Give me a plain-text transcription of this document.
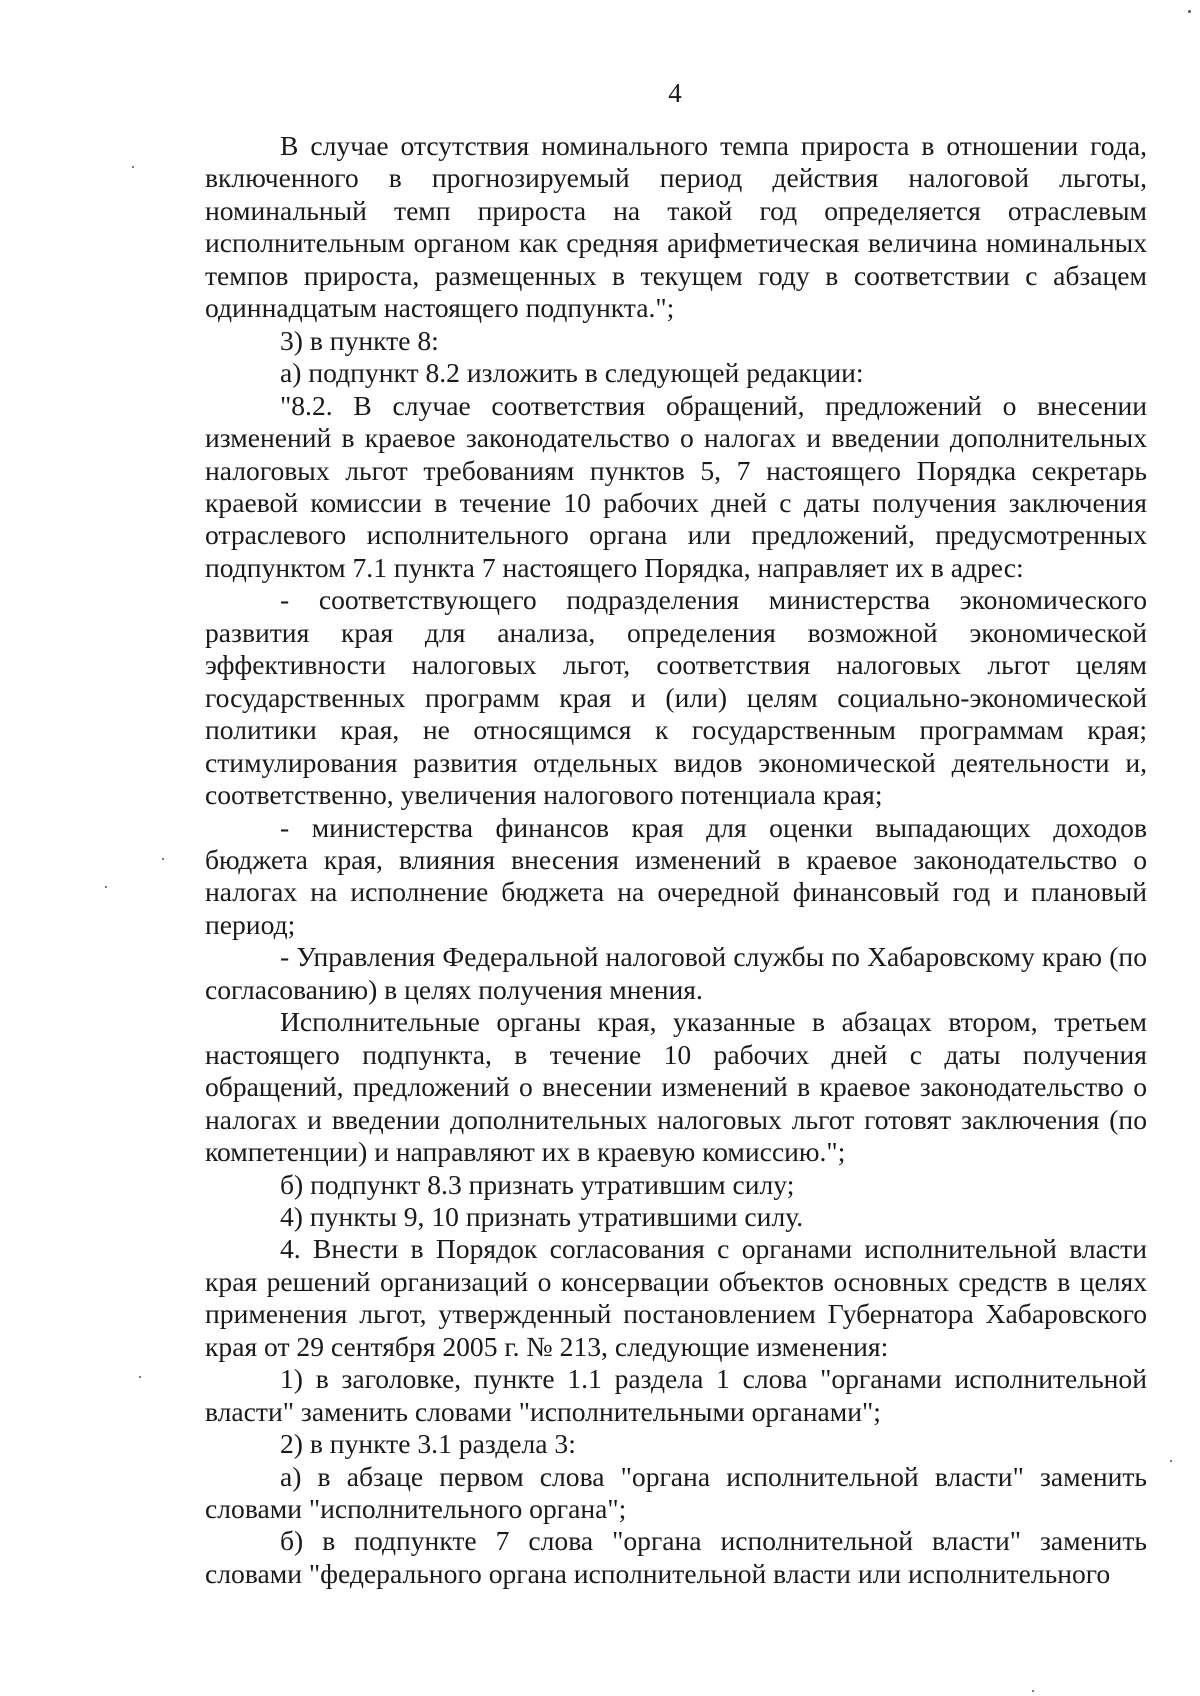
4

В случае отсутствия номинального темпа прироста в отношении года, включенного в прогнозируемый период действия налоговой льготы, номинальный темп прироста на такой год определяется отраслевым исполнительным органом как средняя арифметическая величина номинальных темпов прироста, размещенных в текущем году в соответствии с абзацем одиннадцатым настоящего подпункта.";

3) в пункте 8:

а) подпункт 8.2 изложить в следующей редакции:

"8.2. В случае соответствия обращений, предложений о внесении изменений в краевое законодательство о налогах и введении дополнительных налоговых льгот требованиям пунктов 5, 7 настоящего Порядка секретарь краевой комиссии в течение 10 рабочих дней с даты получения заключения отраслевого исполнительного органа или предложений, предусмотренных подпунктом 7.1 пункта 7 настоящего Порядка, направляет их в адрес:

- соответствующего подразделения министерства экономического развития края для анализа, определения возможной экономической эффективности налоговых льгот, соответствия налоговых льгот целям государственных программ края и (или) целям социально-экономической политики края, не относящимся к государственным программам края; стимулирования развития отдельных видов экономической деятельности и, соответственно, увеличения налогового потенциала края;

- министерства финансов края для оценки выпадающих доходов бюджета края, влияния внесения изменений в краевое законодательство о налогах на исполнение бюджета на очередной финансовый год и плановый период;

- Управления Федеральной налоговой службы по Хабаровскому краю (по согласованию) в целях получения мнения.

Исполнительные органы края, указанные в абзацах втором, третьем настоящего подпункта, в течение 10 рабочих дней с даты получения обращений, предложений о внесении изменений в краевое законодательство о налогах и введении дополнительных налоговых льгот готовят заключения (по компетенции) и направляют их в краевую комиссию.";

б) подпункт 8.3 признать утратившим силу;

4) пункты 9, 10 признать утратившими силу.

4. Внести в Порядок согласования с органами исполнительной власти края решений организаций о консервации объектов основных средств в целях применения льгот, утвержденный постановлением Губернатора Хабаровского края от 29 сентября 2005 г. № 213, следующие изменения:

1) в заголовке, пункте 1.1 раздела 1 слова "органами исполнительной власти" заменить словами "исполнительными органами";

2) в пункте 3.1 раздела 3:

а) в абзаце первом слова "органа исполнительной власти" заменить словами "исполнительного органа";

б) в подпункте 7 слова "органа исполнительной власти" заменить словами "федерального органа исполнительной власти или исполнительного
